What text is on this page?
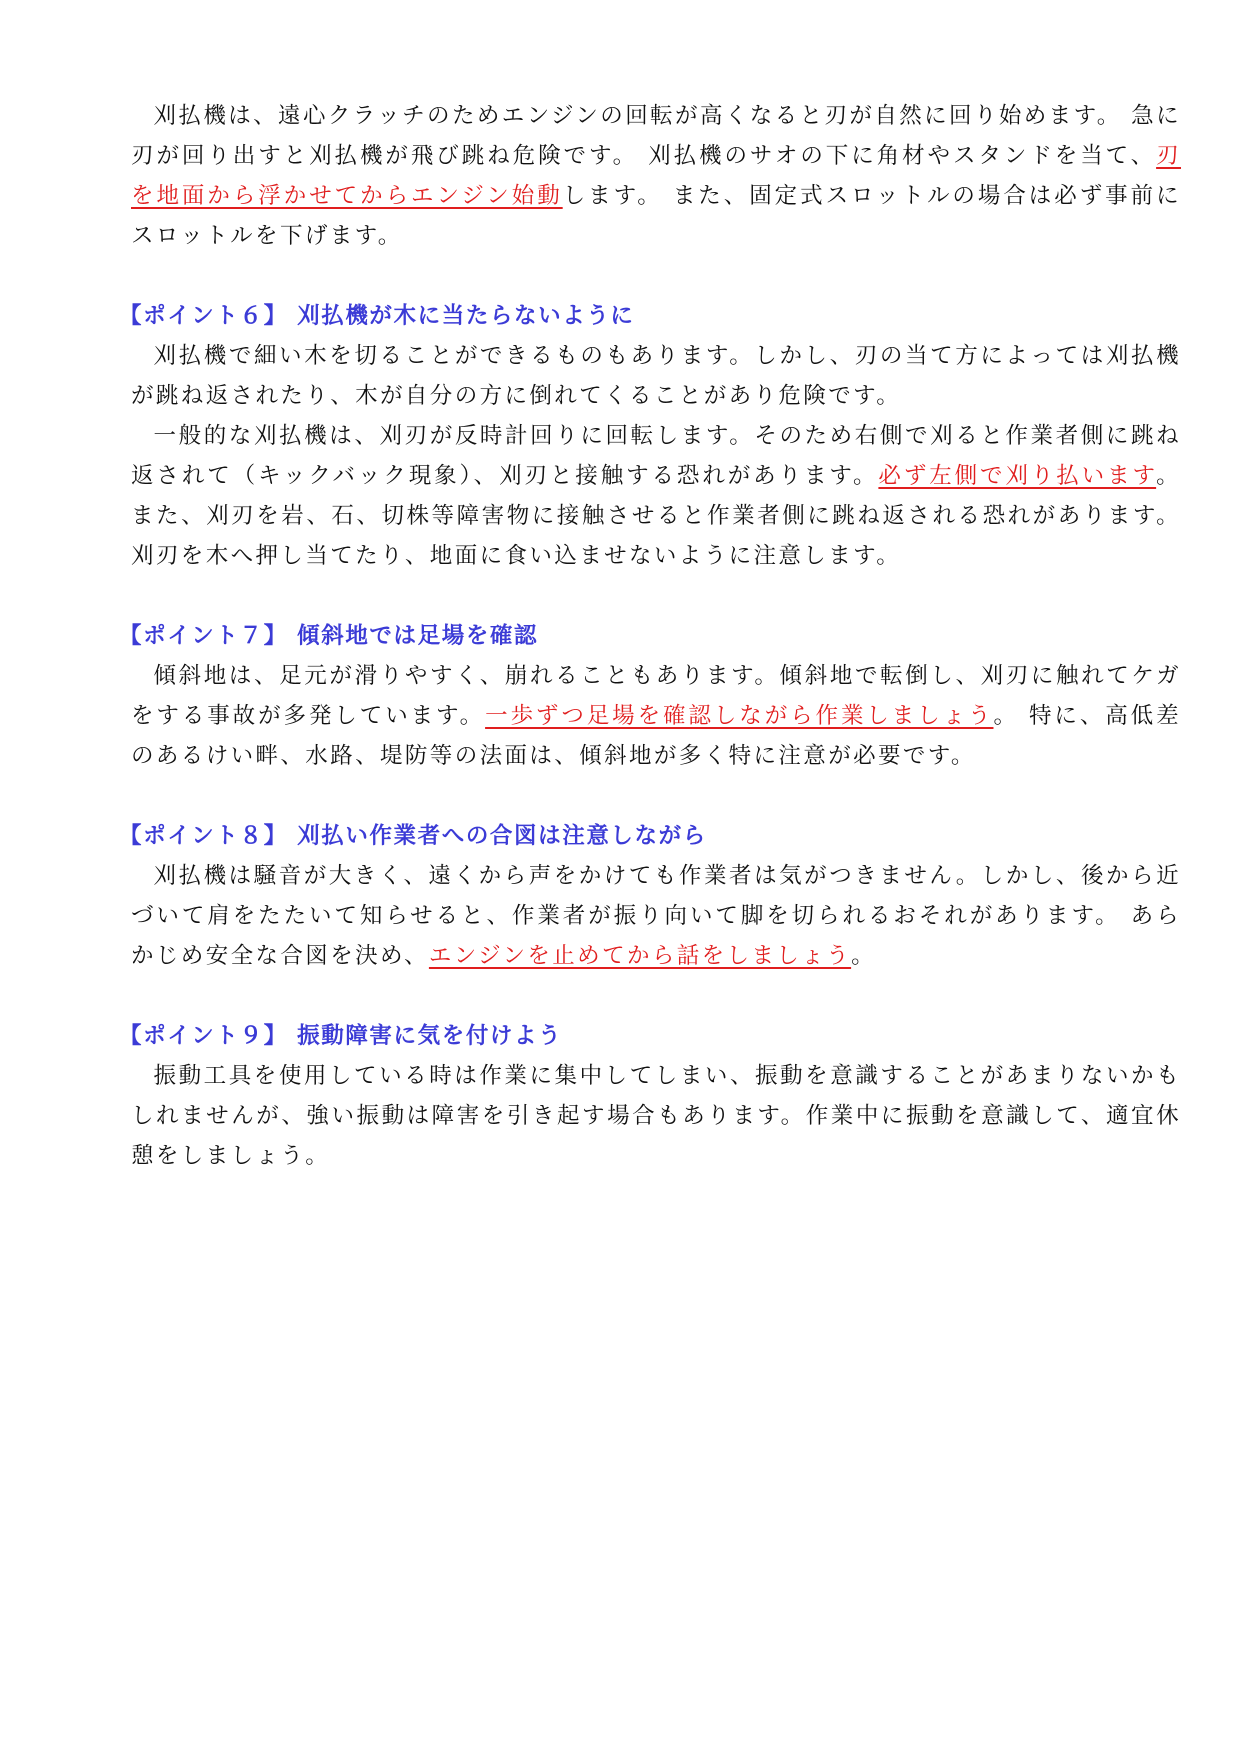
刈払機は、遠心クラッチのためエンジンの回転が高くなると刃が自然に回り始めます。 急に刃が回り出すと刈払機が飛び跳ね危険です。 刈払機のサオの下に角材やスタンドを当て、刃を地面から浮かせてからエンジン始動します。 また、固定式スロットルの場合は必ず事前にスロットルを下げます。

【ポイント６】 刈払機が木に当たらないように

刈払機で細い木を切ることができるものもあります。しかし、刃の当て方によっては刈払機が跳ね返されたり、木が自分の方に倒れてくることがあり危険です。

一般的な刈払機は、刈刃が反時計回りに回転します。そのため右側で刈ると作業者側に跳ね返されて（キックバック現象）、刈刃と接触する恐れがあります。必ず左側で刈り払います。また、刈刃を岩、石、切株等障害物に接触させると作業者側に跳ね返される恐れがあります。刈刃を木へ押し当てたり、地面に食い込ませないように注意します。

【ポイント７】 傾斜地では足場を確認

傾斜地は、足元が滑りやすく、崩れることもあります。傾斜地で転倒し、刈刃に触れてケガをする事故が多発しています。一歩ずつ足場を確認しながら作業しましょう。 特に、高低差のあるけい畔、水路、堤防等の法面は、傾斜地が多く特に注意が必要です。

【ポイント８】 刈払い作業者への合図は注意しながら

刈払機は騒音が大きく、遠くから声をかけても作業者は気がつきません。しかし、後から近づいて肩をたたいて知らせると、作業者が振り向いて脚を切られるおそれがあります。 あらかじめ安全な合図を決め、エンジンを止めてから話をしましょう。

【ポイント９】 振動障害に気を付けよう

振動工具を使用している時は作業に集中してしまい、振動を意識することがあまりないかもしれませんが、強い振動は障害を引き起す場合もあります。作業中に振動を意識して、適宜休憩をしましょう。
